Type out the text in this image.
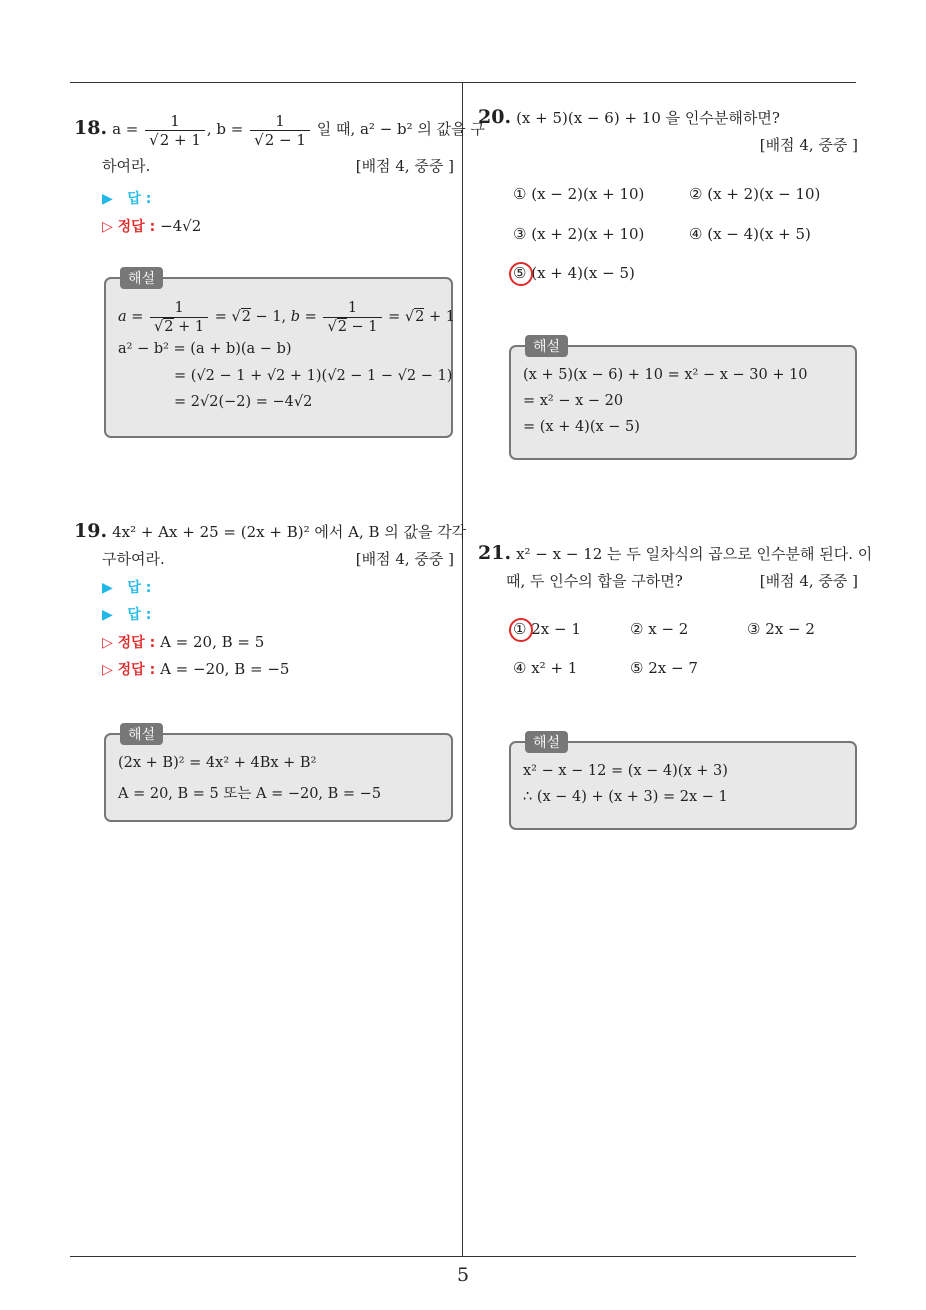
5
18. $a = \frac{1}{√2 + 1}$ , $b = \frac{1}{√2 - 1}$ 일 때, a² − b² 의 값을 구
하여라.	[배점 4, 중중 ]
▶ 답 :
▷ 정답 : −4√2
해설
$a = \frac{1}{√2 + 1} = √2 - 1$, $b = \frac{1}{√2 - 1} = √2 + 1$
a² − b² = (a + b)(a − b)
= (√2 − 1 + √2 + 1)(√2 − 1 − √2 − 1)
= 2√2(−2) = −4√2
19. 4x² + Ax + 25 = (2x + B)² 에서 A, B 의 값을 각각
구하여라.	[배점 4, 중중 ]
▶ 답 :
▶ 답 :
▷ 정답 : A = 20, B = 5
▷ 정답 : A = −20, B = −5
해설
(2x + B)² = 4x² + 4Bx + B²
A = 20, B = 5 또는 A = −20, B = −5
20. (x + 5)(x − 6) + 10 을 인수분해하면?
[배점 4, 중중 ]
① (x − 2)(x + 10)	② (x + 2)(x − 10)
③ (x + 2)(x + 10)	④ (x − 4)(x + 5)
⑤ (x + 4)(x − 5)
해설
(x + 5)(x − 6) + 10 = x² − x − 30 + 10
= x² − x − 20
= (x + 4)(x − 5)
21. x² − x − 12 는 두 일차식의 곱으로 인수분해 된다. 이
때, 두 인수의 합을 구하면?	[배점 4, 중중 ]
① 2x − 1	② x − 2	③ 2x − 2
④ x² + 1	⑤ 2x − 7
해설
x² − x − 12 = (x − 4)(x + 3)
∴ (x − 4) + (x + 3) = 2x − 1
